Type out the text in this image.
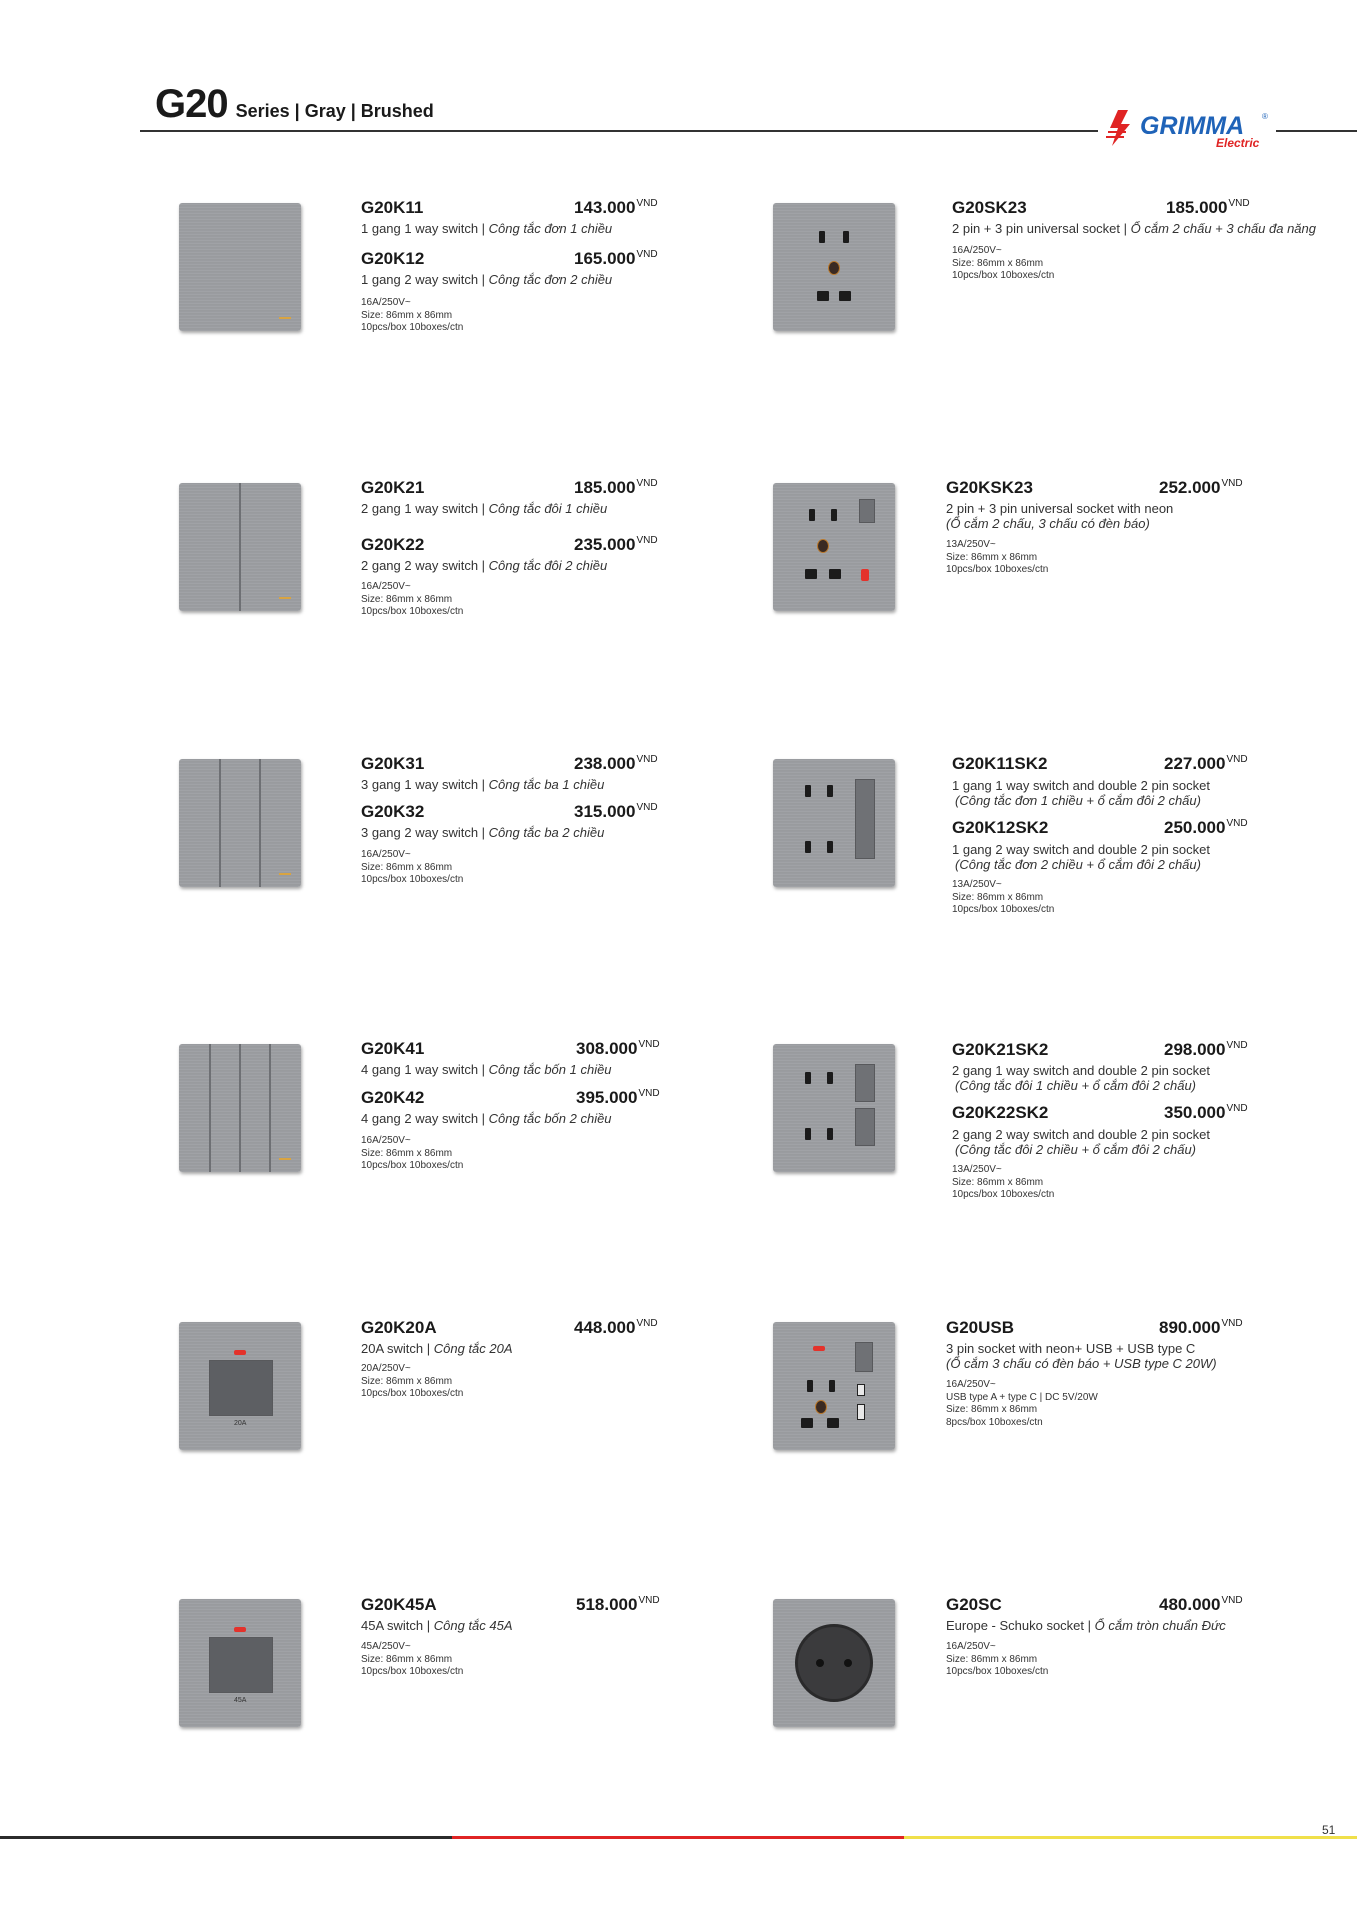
G20 Series | Gray | Brushed
GRIMMA ®
Electric
G20K11	$143.000^{VND}$
1 gang 1 way switch | Công tắc đơn 1 chiều
G20K12	$165.000^{VND}$
1 gang 2 way switch | Công tắc đơn 2 chiều
16A/250V~
Size: 86mm x 86mm
10pcs/box 10boxes/ctn
G20SK23	$185.000^{VND}$
2 pin + 3 pin universal socket | Ổ cắm 2 chấu + 3 chấu đa năng
16A/250V~
Size: 86mm x 86mm
10pcs/box 10boxes/ctn
G20K21	$185.000^{VND}$
2 gang 1 way switch | Công tắc đôi 1 chiều
G20K22	$235.000^{VND}$
2 gang 2 way switch | Công tắc đôi 2 chiều
16A/250V~
Size: 86mm x 86mm
10pcs/box 10boxes/ctn
G20KSK23	$252.000^{VND}$
2 pin + 3 pin universal socket with neon
(Ổ cắm 2 chấu, 3 chấu có đèn báo)
13A/250V~
Size: 86mm x 86mm
10pcs/box 10boxes/ctn
G20K31	$238.000^{VND}$
3 gang 1 way switch | Công tắc ba 1 chiều
G20K32	$315.000^{VND}$
3 gang 2 way switch | Công tắc ba 2 chiều
16A/250V~
Size: 86mm x 86mm
10pcs/box 10boxes/ctn
G20K11SK2	$227.000^{VND}$
1 gang 1 way switch and double 2 pin socket
(Công tắc đơn 1 chiều + ổ cắm đôi 2 chấu)
G20K12SK2	$250.000^{VND}$
1 gang 2 way switch and double 2 pin socket
(Công tắc đơn 2 chiều + ổ cắm đôi 2 chấu)
13A/250V~
Size: 86mm x 86mm
10pcs/box 10boxes/ctn
G20K41	$308.000^{VND}$
4 gang 1 way switch | Công tắc bốn 1 chiều
G20K42	$395.000^{VND}$
4 gang 2 way switch | Công tắc bốn 2 chiều
16A/250V~
Size: 86mm x 86mm
10pcs/box 10boxes/ctn
G20K21SK2	$298.000^{VND}$
2 gang 1 way switch and double 2 pin socket
(Công tắc đôi 1 chiều + ổ cắm đôi 2 chấu)
G20K22SK2	$350.000^{VND}$
2 gang 2 way switch and double 2 pin socket
(Công tắc đôi 2 chiều + ổ cắm đôi 2 chấu)
13A/250V~
Size: 86mm x 86mm
10pcs/box 10boxes/ctn
20A
G20K20A	$448.000^{VND}$
20A switch | Công tắc 20A
20A/250V~
Size: 86mm x 86mm
10pcs/box 10boxes/ctn
G20USB	$890.000^{VND}$
3 pin socket with neon+ USB + USB type C
(Ổ cắm 3 chấu có đèn báo + USB type C 20W)
16A/250V~
USB type A + type C | DC 5V/20W
Size: 86mm x 86mm
8pcs/box 10boxes/ctn
45A
G20K45A	$518.000^{VND}$
45A switch | Công tắc 45A
45A/250V~
Size: 86mm x 86mm
10pcs/box 10boxes/ctn
G20SC	$480.000^{VND}$
Europe - Schuko socket | Ổ cắm tròn chuẩn Đức
16A/250V~
Size: 86mm x 86mm
10pcs/box 10boxes/ctn
51
